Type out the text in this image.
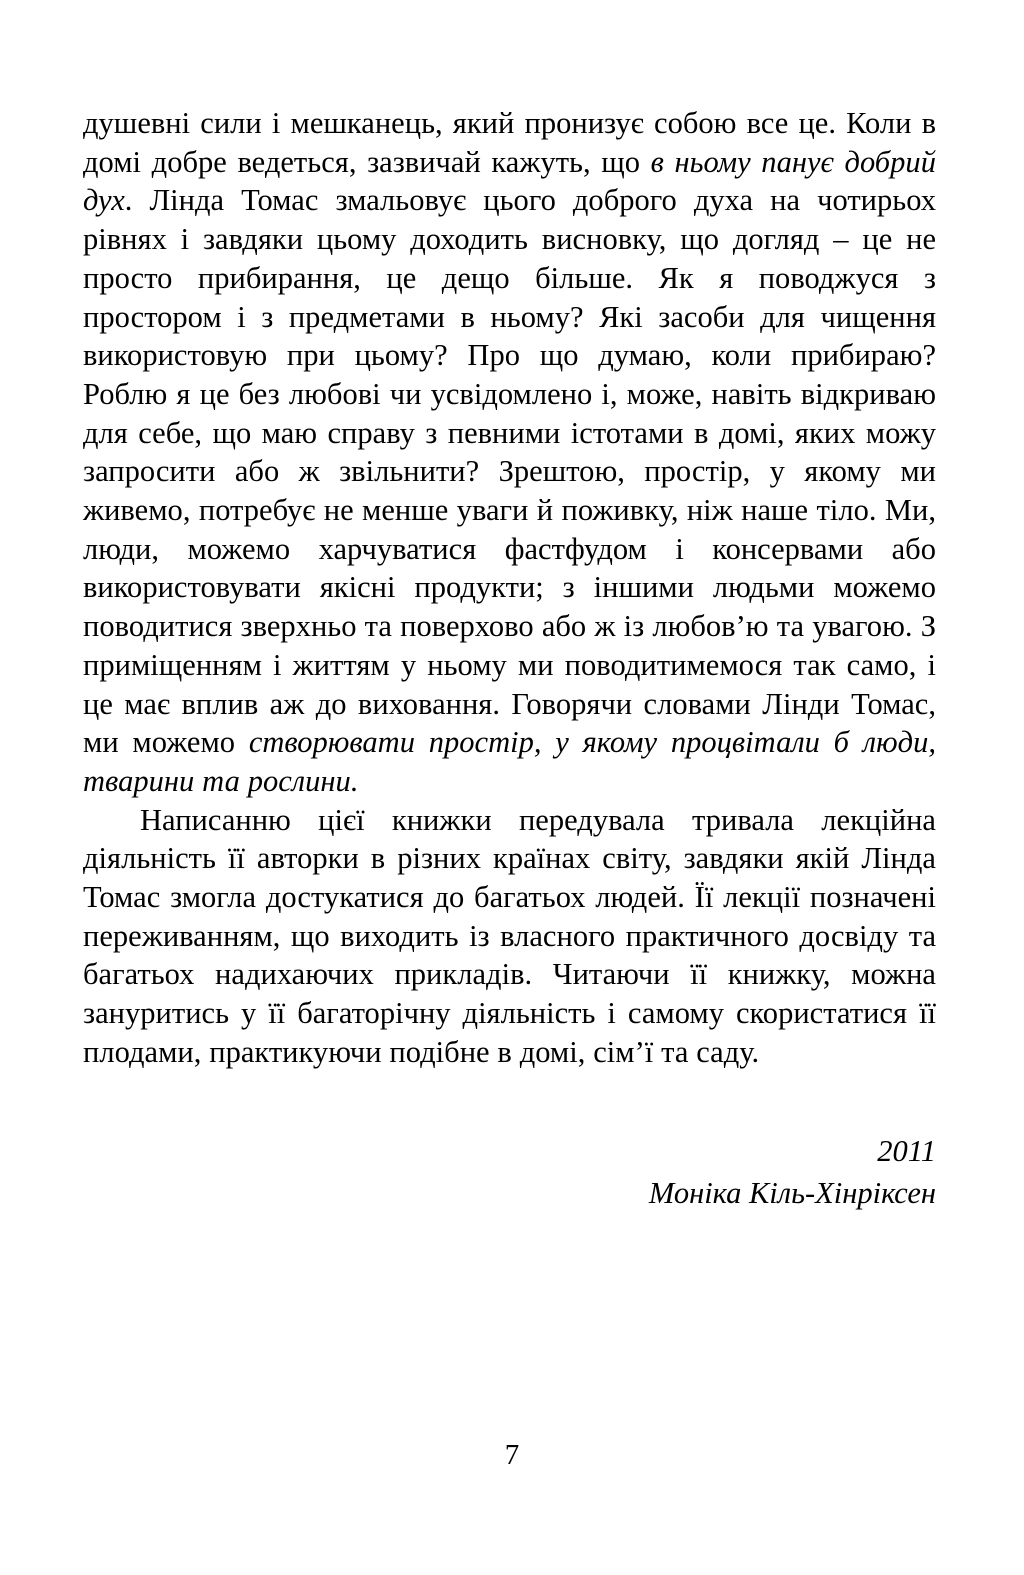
душевні сили і мешканець, який пронизує собою все це. Коли в домі добре ведеться, зазвичай кажуть, що в ньому панує добрий дух. Лінда Томас змальовує цього доброго духа на чотирьох рівнях і завдяки цьому доходить висновку, що догляд – це не просто прибирання, це дещо більше. Як я поводжуся з простором і з предметами в ньому? Які засоби для чищення використовую при цьому? Про що думаю, коли прибираю? Роблю я це без любові чи усвідомлено і, може, навіть відкриваю для себе, що маю справу з певними істотами в домі, яких можу запросити або ж звільнити? Зрештою, простір, у якому ми живемо, потребує не менше уваги й поживку, ніж наше тіло. Ми, люди, можемо харчуватися фастфудом і консервами або використовувати якісні продукти; з іншими людьми можемо поводитися зверхньо та поверхово або ж із любов’ю та увагою. З приміщенням і життям у ньому ми поводитимемося так само, і це має вплив аж до виховання. Говорячи словами Лінди Томас, ми можемо створювати простір, у якому процвітали б люди, тварини та рослини.

Написанню цієї книжки передувала тривала лекційна діяльність її авторки в різних країнах світу, завдяки якій Лінда Томас змогла достукатися до багатьох людей. Її лекції позначені переживанням, що виходить із власного практичного досвіду та багатьох надихаючих прикладів. Читаючи її книжку, можна зануритись у її багаторічну діяльність і самому скористатися її плодами, практикуючи подібне в домі, сім’ї та саду.

2011
Моніка Кіль-Хінріксен
7
